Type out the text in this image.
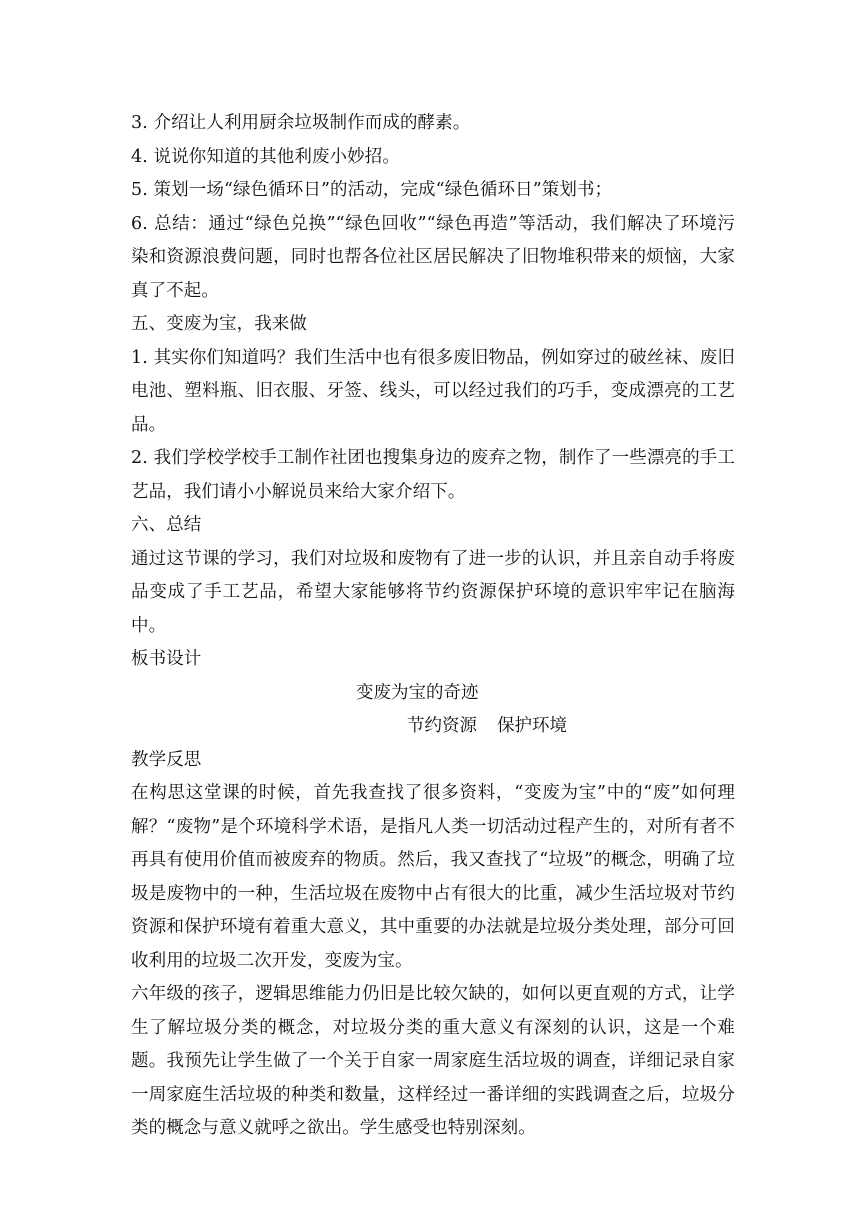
3. 介绍让人利用厨余垃圾制作而成的酵素。

4. 说说你知道的其他利废小妙招。

5. 策划一场“绿色循环日”的活动，完成“绿色循环日”策划书；

6. 总结：通过“绿色兑换”“绿色回收”“绿色再造”等活动，我们解决了环境污染和资源浪费问题，同时也帮各位社区居民解决了旧物堆积带来的烦恼，大家真了不起。

五、变废为宝，我来做

1. 其实你们知道吗？我们生活中也有很多废旧物品，例如穿过的破丝袜、废旧电池、塑料瓶、旧衣服、牙签、线头，可以经过我们的巧手，变成漂亮的工艺品。

2. 我们学校学校手工制作社团也搜集身边的废弃之物，制作了一些漂亮的手工艺品，我们请小小解说员来给大家介绍下。

六、总结

通过这节课的学习，我们对垃圾和废物有了进一步的认识，并且亲自动手将废品变成了手工艺品，希望大家能够将节约资源保护环境的意识牢牢记在脑海中。

板书设计

变废为宝的奇迹

节约资源 保护环境

教学反思

在构思这堂课的时候，首先我查找了很多资料，“变废为宝”中的“废”如何理解？“废物”是个环境科学术语，是指凡人类一切活动过程产生的，对所有者不再具有使用价值而被废弃的物质。然后，我又查找了“垃圾”的概念，明确了垃圾是废物中的一种，生活垃圾在废物中占有很大的比重，减少生活垃圾对节约资源和保护环境有着重大意义，其中重要的办法就是垃圾分类处理，部分可回收利用的垃圾二次开发，变废为宝。

六年级的孩子，逻辑思维能力仍旧是比较欠缺的，如何以更直观的方式，让学生了解垃圾分类的概念，对垃圾分类的重大意义有深刻的认识，这是一个难题。我预先让学生做了一个关于自家一周家庭生活垃圾的调查，详细记录自家一周家庭生活垃圾的种类和数量，这样经过一番详细的实践调查之后，垃圾分类的概念与意义就呼之欲出。学生感受也特别深刻。
